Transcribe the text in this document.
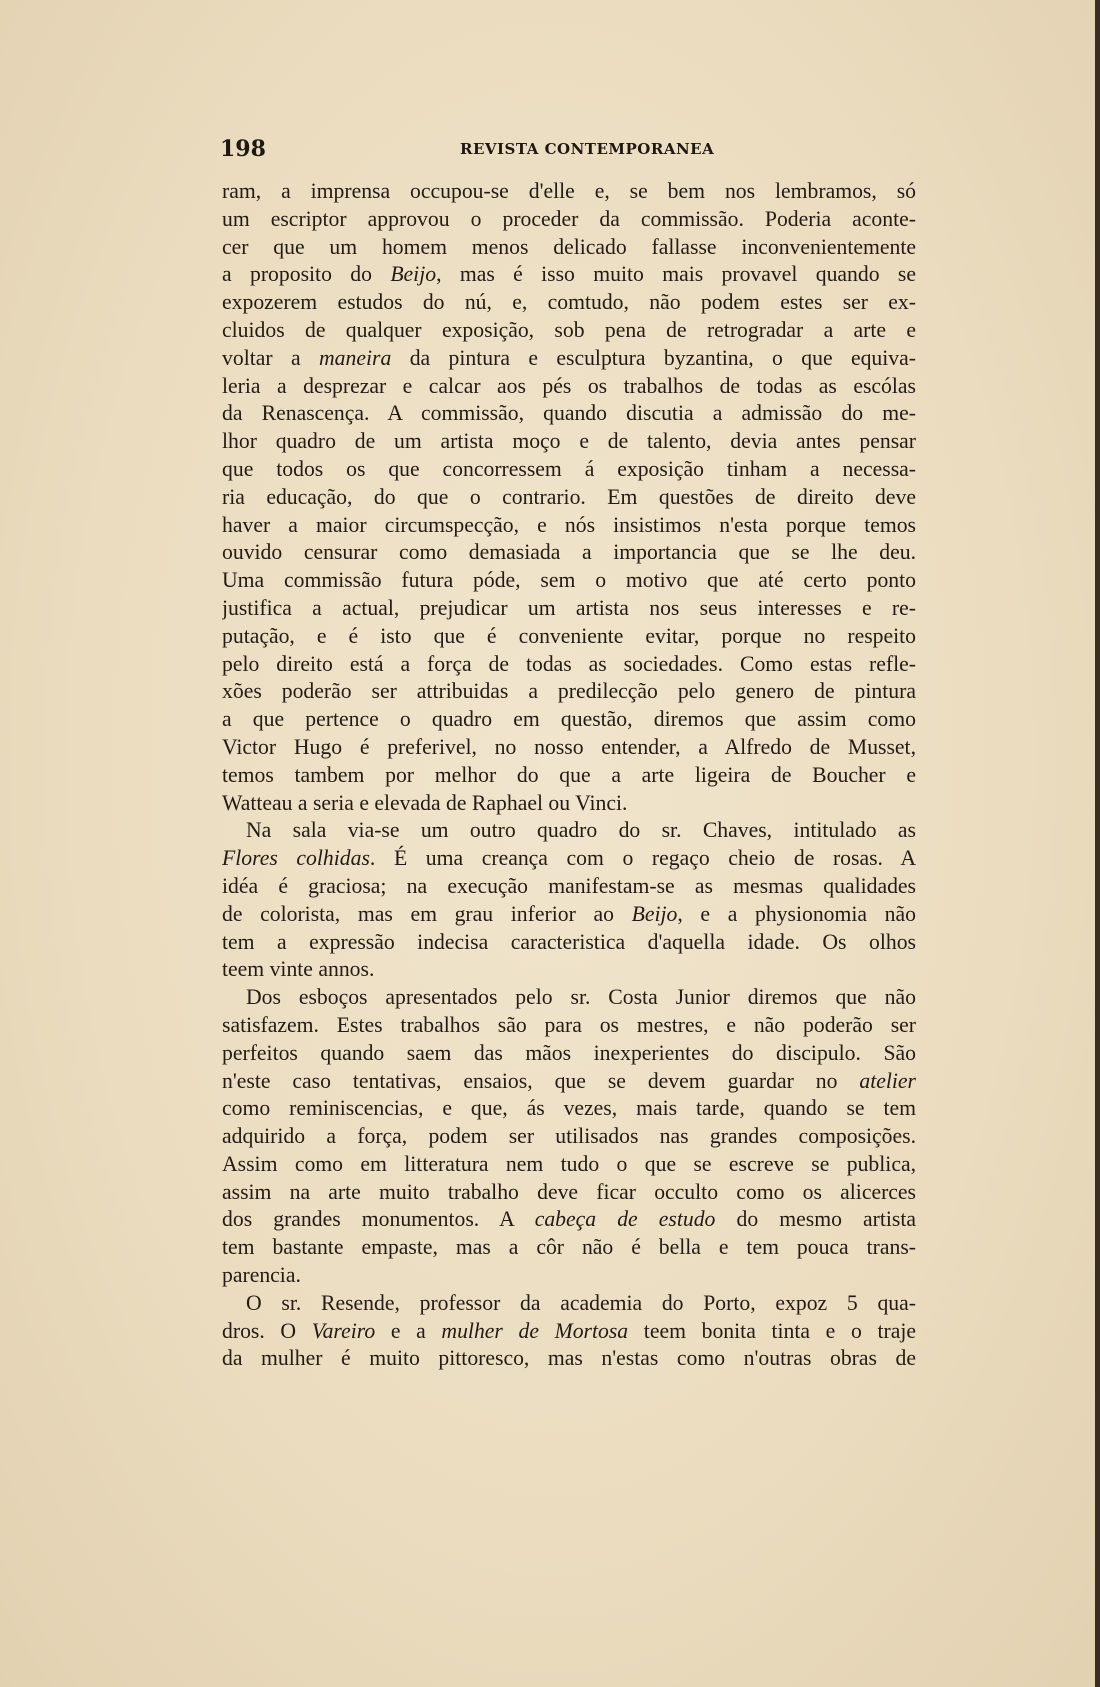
198	REVISTA CONTEMPORANEA
ram, a imprensa occupou-se d'elle e, se bem nos lembramos, só
um escriptor approvou o proceder da commissão. Poderia aconte-
cer que um homem menos delicado fallasse inconvenientemente
a proposito do Beijo, mas é isso muito mais provavel quando se
expozerem estudos do nú, e, comtudo, não podem estes ser ex-
cluidos de qualquer exposição, sob pena de retrogradar a arte e
voltar a maneira da pintura e esculptura byzantina, o que equiva-
leria a desprezar e calcar aos pés os trabalhos de todas as escólas
da Renascença. A commissão, quando discutia a admissão do me-
lhor quadro de um artista moço e de talento, devia antes pensar
que todos os que concorressem á exposição tinham a necessa-
ria educação, do que o contrario. Em questões de direito deve
haver a maior circumspecção, e nós insistimos n'esta porque temos
ouvido censurar como demasiada a importancia que se lhe deu.
Uma commissão futura póde, sem o motivo que até certo ponto
justifica a actual, prejudicar um artista nos seus interesses e re-
putação, e é isto que é conveniente evitar, porque no respeito
pelo direito está a força de todas as sociedades. Como estas refle-
xões poderão ser attribuidas a predilecção pelo genero de pintura
a que pertence o quadro em questão, diremos que assim como
Victor Hugo é preferivel, no nosso entender, a Alfredo de Musset,
temos tambem por melhor do que a arte ligeira de Boucher e
Watteau a seria e elevada de Raphael ou Vinci.
Na sala via-se um outro quadro do sr. Chaves, intitulado as
Flores colhidas. É uma creança com o regaço cheio de rosas. A
idéa é graciosa; na execução manifestam-se as mesmas qualidades
de colorista, mas em grau inferior ao Beijo, e a physionomia não
tem a expressão indecisa caracteristica d'aquella idade. Os olhos
teem vinte annos.
Dos esboços apresentados pelo sr. Costa Junior diremos que não
satisfazem. Estes trabalhos são para os mestres, e não poderão ser
perfeitos quando saem das mãos inexperientes do discipulo. São
n'este caso tentativas, ensaios, que se devem guardar no atelier
como reminiscencias, e que, ás vezes, mais tarde, quando se tem
adquirido a força, podem ser utilisados nas grandes composições.
Assim como em litteratura nem tudo o que se escreve se publica,
assim na arte muito trabalho deve ficar occulto como os alicerces
dos grandes monumentos. A cabeça de estudo do mesmo artista
tem bastante empaste, mas a côr não é bella e tem pouca trans-
parencia.
O sr. Resende, professor da academia do Porto, expoz 5 qua-
dros. O Vareiro e a mulher de Mortosa teem bonita tinta e o traje
da mulher é muito pittoresco, mas n'estas como n'outras obras de
